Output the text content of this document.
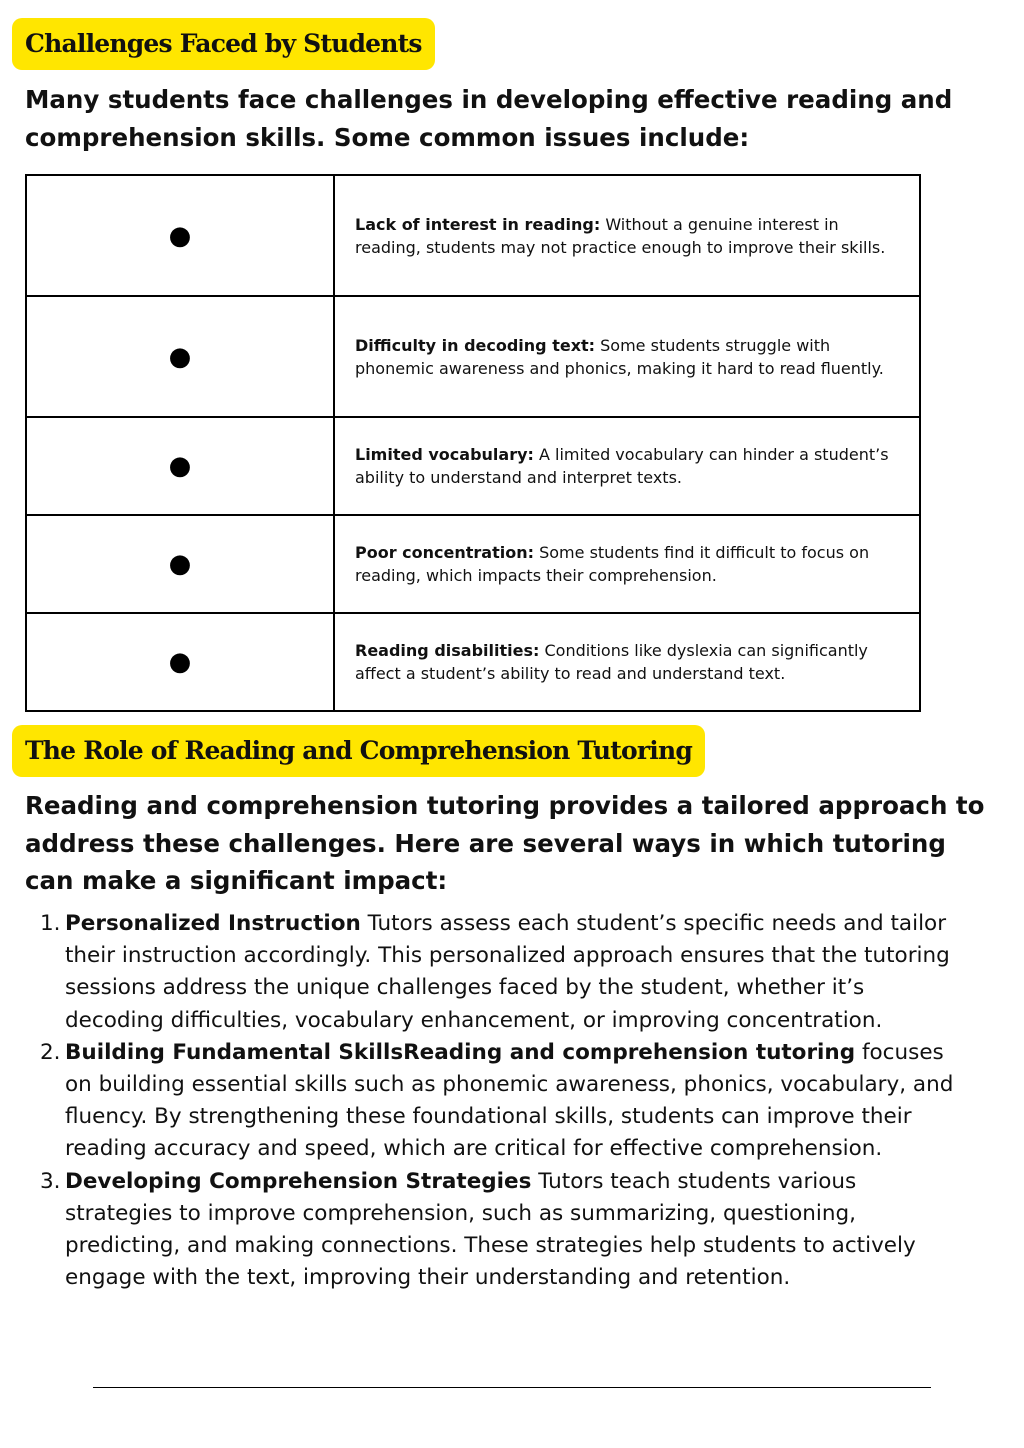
Challenges Faced by Students
Many students face challenges in developing effective reading and comprehension skills. Some common issues include:
●	Lack of interest in reading: Without a genuine interest in reading, students may not practice enough to improve their skills.
●	Difficulty in decoding text: Some students struggle with phonemic awareness and phonics, making it hard to read fluently.
●	Limited vocabulary: A limited vocabulary can hinder a student’s ability to understand and interpret texts.
●	Poor concentration: Some students find it difficult to focus on reading, which impacts their comprehension.
●	Reading disabilities: Conditions like dyslexia can significantly affect a student’s ability to read and understand text.
The Role of Reading and Comprehension Tutoring
Reading and comprehension tutoring provides a tailored approach to address these challenges. Here are several ways in which tutoring can make a significant impact:
1. Personalized Instruction Tutors assess each student’s specific needs and tailor their instruction accordingly. This personalized approach ensures that the tutoring sessions address the unique challenges faced by the student, whether it’s decoding difficulties, vocabulary enhancement, or improving concentration.
2. Building Fundamental SkillsReading and comprehension tutoring focuses on building essential skills such as phonemic awareness, phonics, vocabulary, and fluency. By strengthening these foundational skills, students can improve their reading accuracy and speed, which are critical for effective comprehension.
3. Developing Comprehension Strategies Tutors teach students various strategies to improve comprehension, such as summarizing, questioning, predicting, and making connections. These strategies help students to actively engage with the text, improving their understanding and retention.
